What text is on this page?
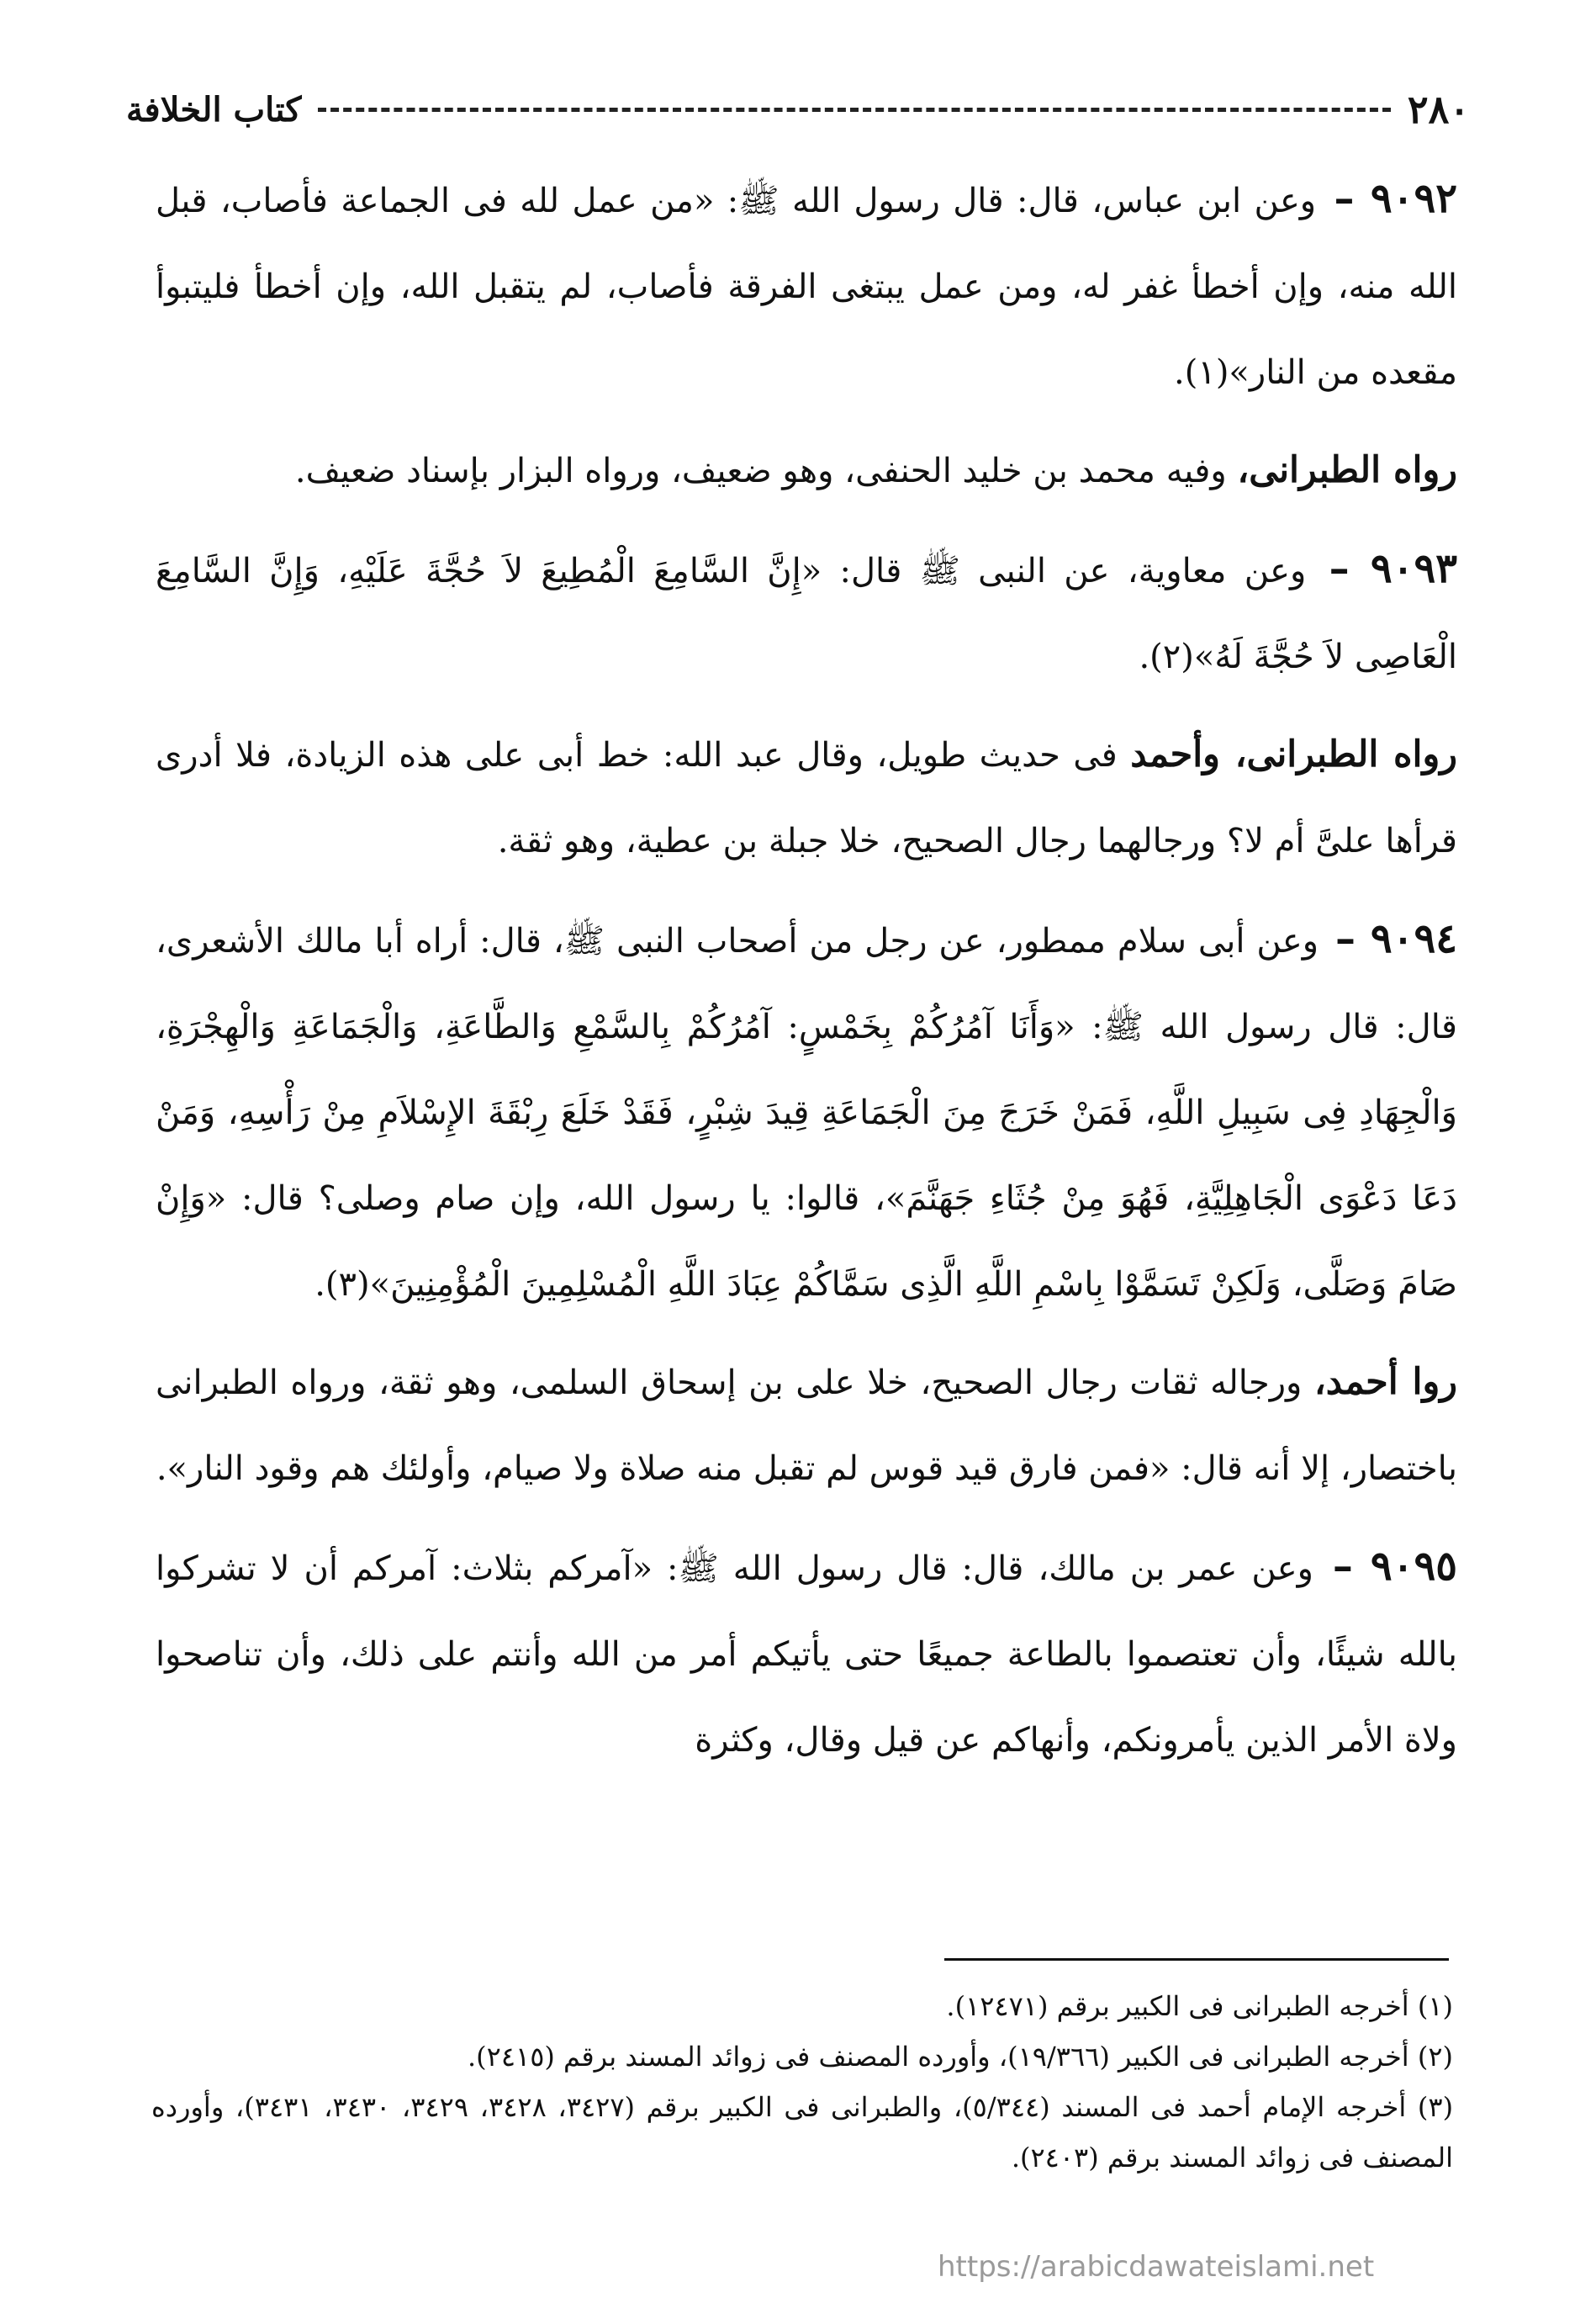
٢٨٠
كتاب الخلافة

٩٠٩٢ – وعن ابن عباس، قال: قال رسول الله ﷺ: «من عمل لله فى الجماعة فأصاب، قبل الله منه، وإن أخطأ غفر له، ومن عمل يبتغى الفرقة فأصاب، لم يتقبل الله، وإن أخطأ فليتبوأ مقعده من النار»(١).

رواه الطبرانى، وفيه محمد بن خليد الحنفى، وهو ضعيف، ورواه البزار بإسناد ضعيف.

٩٠٩٣ – وعن معاوية، عن النبى ﷺ قال: «إِنَّ السَّامِعَ الْمُطِيعَ لاَ حُجَّةَ عَلَيْهِ، وَإِنَّ السَّامِعَ الْعَاصِى لاَ حُجَّةَ لَهُ»(٢).

رواه الطبرانى، وأحمد فى حديث طويل، وقال عبد الله: خط أبى على هذه الزيادة، فلا أدرى قرأها علىَّ أم لا؟ ورجالهما رجال الصحيح، خلا جبلة بن عطية، وهو ثقة.

٩٠٩٤ – وعن أبى سلام ممطور، عن رجل من أصحاب النبى ﷺ، قال: أراه أبا مالك الأشعرى، قال: قال رسول الله ﷺ: «وَأَنَا آمُرُكُمْ بِخَمْسٍ: آمُرُكُمْ بِالسَّمْعِ وَالطَّاعَةِ، وَالْجَمَاعَةِ وَالْهِجْرَةِ، وَالْجِهَادِ فِى سَبِيلِ اللَّهِ، فَمَنْ خَرَجَ مِنَ الْجَمَاعَةِ قِيدَ شِبْرٍ، فَقَدْ خَلَعَ رِبْقَةَ الإِسْلاَمِ مِنْ رَأْسِهِ، وَمَنْ دَعَا دَعْوَى الْجَاهِلِيَّةِ، فَهُوَ مِنْ جُثَاءِ جَهَنَّمَ»، قالوا: يا رسول الله، وإن صام وصلى؟ قال: «وَإِنْ صَامَ وَصَلَّى، وَلَكِنْ تَسَمَّوْا بِاسْمِ اللَّهِ الَّذِى سَمَّاكُمْ عِبَادَ اللَّهِ الْمُسْلِمِينَ الْمُؤْمِنِينَ»(٣).

روا أحمد، ورجاله ثقات رجال الصحيح، خلا على بن إسحاق السلمى، وهو ثقة، ورواه الطبرانى باختصار، إلا أنه قال: «فمن فارق قيد قوس لم تقبل منه صلاة ولا صيام، وأولئك هم وقود النار».

٩٠٩٥ – وعن عمر بن مالك، قال: قال رسول الله ﷺ: «آمركم بثلاث: آمركم أن لا تشركوا بالله شيئًا، وأن تعتصموا بالطاعة جميعًا حتى يأتيكم أمر من الله وأنتم على ذلك، وأن تناصحوا ولاة الأمر الذين يأمرونكم، وأنهاكم عن قيل وقال، وكثرة

(١) أخرجه الطبرانى فى الكبير برقم (١٢٤٧١).

(٢) أخرجه الطبرانى فى الكبير (١٩/٣٦٦)، وأورده المصنف فى زوائد المسند برقم (٢٤١٥).

(٣) أخرجه الإمام أحمد فى المسند (٥/٣٤٤)، والطبرانى فى الكبير برقم (٣٤٢٧، ٣٤٢٨، ٣٤٢٩، ٣٤٣٠، ٣٤٣١)، وأورده المصنف فى زوائد المسند برقم (٢٤٠٣).

https://arabicdawateislami.net
